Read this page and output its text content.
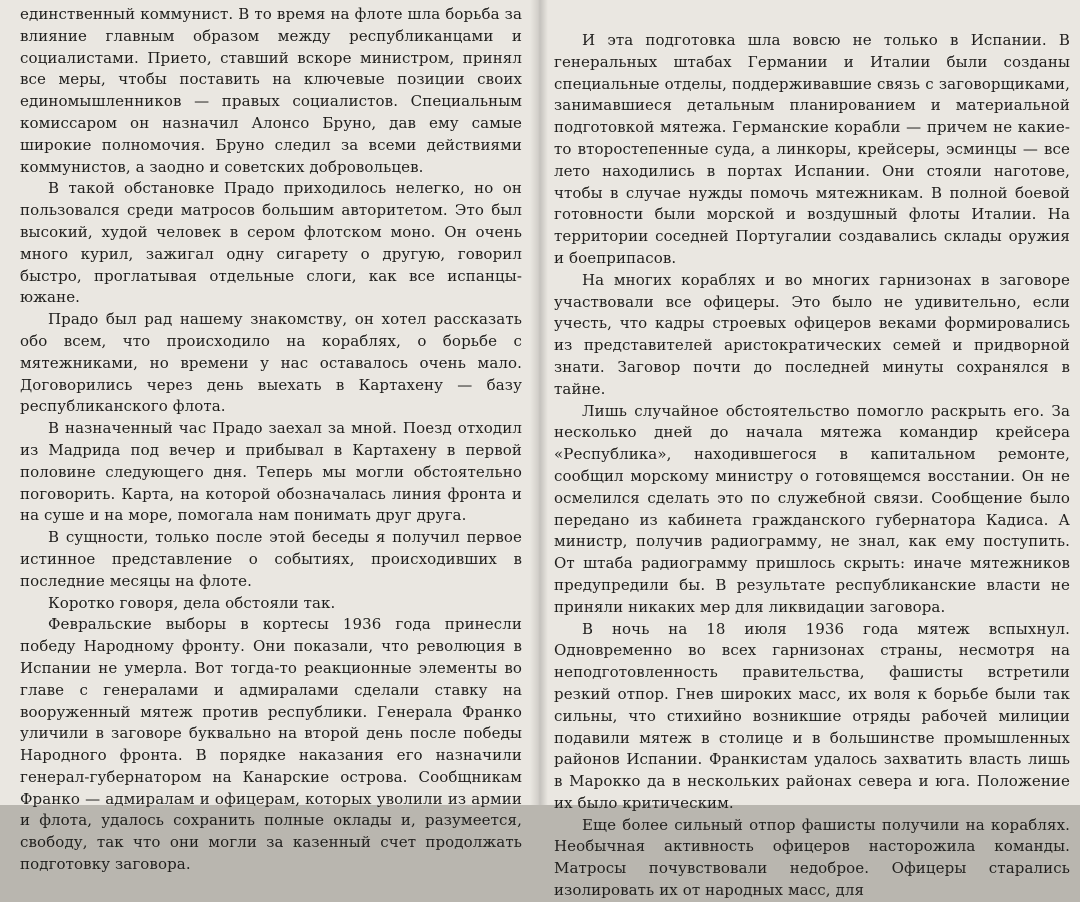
единственный коммунист. В то время на флоте шла борьба за влияние главным образом между республиканцами и социалистами. Прието, ставший вскоре министром, принял все меры, чтобы поставить на ключевые позиции своих единомышленников — правых социалистов. Специальным комиссаром он назначил Алонсо Бруно, дав ему самые широкие полномочия. Бруно следил за всеми действиями коммунистов, а заодно и советских добровольцев.

В такой обстановке Прадо приходилось нелегко, но он пользовался среди матросов большим авторитетом. Это был высокий, худой человек в сером флотском моно. Он очень много курил, зажигал одну сигарету о другую, говорил быстро, проглатывая отдельные слоги, как все испанцы-южане.

Прадо был рад нашему знакомству, он хотел рассказать обо всем, что происходило на кораблях, о борьбе с мятежниками, но времени у нас оставалось очень мало. Договорились через день выехать в Картахену — базу республиканского флота.

В назначенный час Прадо заехал за мной. Поезд отходил из Мадрида под вечер и прибывал в Картахену в первой половине следующего дня. Теперь мы могли обстоятельно поговорить. Карта, на которой обозначалась линия фронта и на суше и на море, помогала нам понимать друг друга.

В сущности, только после этой беседы я получил первое истинное представление о событиях, происходивших в последние месяцы на флоте.

Коротко говоря, дела обстояли так.

Февральские выборы в кортесы 1936 года принесли победу Народному фронту. Они показали, что революция в Испании не умерла. Вот тогда-то реакционные элементы во главе с генералами и адмиралами сделали ставку на вооруженный мятеж против республики. Генерала Франко уличили в заговоре буквально на второй день после победы Народного фронта. В порядке наказания его назначили генерал-губернатором на Канарские острова. Сообщникам Франко — адмиралам и офицерам, которых уволили из армии и флота, удалось сохранить полные оклады и, разумеется, свободу, так что они могли за казенный счет продолжать подготовку заговора.

И эта подготовка шла вовсю не только в Испании. В генеральных штабах Германии и Италии были созданы специальные отделы, поддерживавшие связь с заговорщиками, занимавшиеся детальным планированием и материальной подготовкой мятежа. Германские корабли — причем не какие-то второстепенные суда, а линкоры, крейсеры, эсминцы — все лето находились в портах Испании. Они стояли наготове, чтобы в случае нужды помочь мятежникам. В полной боевой готовности были морской и воздушный флоты Италии. На территории соседней Португалии создавались склады оружия и боеприпасов.

На многих кораблях и во многих гарнизонах в заговоре участвовали все офицеры. Это было не удивительно, если учесть, что кадры строевых офицеров веками формировались из представителей аристократических семей и придворной знати. Заговор почти до последней минуты сохранялся в тайне.

Лишь случайное обстоятельство помогло раскрыть его. За несколько дней до начала мятежа командир крейсера «Республика», находившегося в капитальном ремонте, сообщил морскому министру о готовящемся восстании. Он не осмелился сделать это по служебной связи. Сообщение было передано из кабинета гражданского губернатора Кадиса. А министр, получив радиограмму, не знал, как ему поступить. От штаба радиограмму пришлось скрыть: иначе мятежников предупредили бы. В результате республиканские власти не приняли никаких мер для ликвидации заговора.

В ночь на 18 июля 1936 года мятеж вспыхнул. Одновременно во всех гарнизонах страны, несмотря на неподготовленность правительства, фашисты встретили резкий отпор. Гнев широких масс, их воля к борьбе были так сильны, что стихийно возникшие отряды рабочей милиции подавили мятеж в столице и в большинстве промышленных районов Испании. Франкистам удалось захватить власть лишь в Марокко да в нескольких районах севера и юга. Положение их было критическим.

Еще более сильный отпор фашисты получили на кораблях. Необычная активность офицеров насторожила команды. Матросы почувствовали недоброе. Офицеры старались изолировать их от народных масс, для
